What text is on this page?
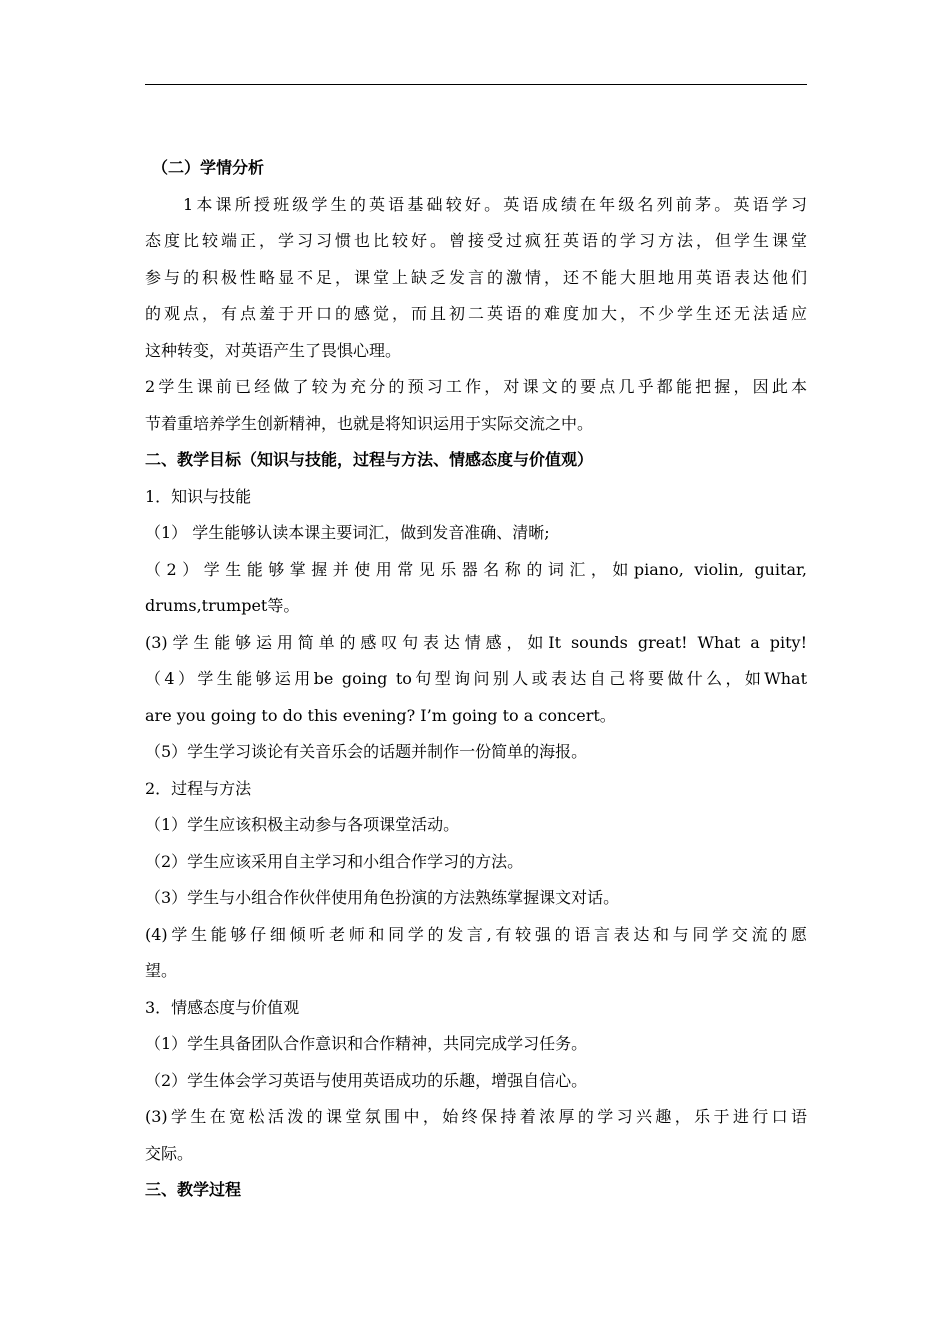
（二）学情分析
1本课所授班级学生的英语基础较好。英语成绩在年级名列前茅。英语学习
态度比较端正，学习习惯也比较好。曾接受过疯狂英语的学习方法，但学生课堂
参与的积极性略显不足，课堂上缺乏发言的激情，还不能大胆地用英语表达他们
的观点，有点羞于开口的感觉，而且初二英语的难度加大，不少学生还无法适应
这种转变，对英语产生了畏惧心理。
2学生课前已经做了较为充分的预习工作，对课文的要点几乎都能把握，因此本
节着重培养学生创新精神，也就是将知识运用于实际交流之中。
二、教学目标（知识与技能，过程与方法、情感态度与价值观）
1．知识与技能
（1） 学生能够认读本课主要词汇，做到发音准确、清晰;
（2）学生能够掌握并使用常见乐器名称的词汇，如piano, violin, guitar,
drums,trumpet等。
(3)学生能够运用简单的感叹句表达情感，如It sounds great! What a pity!
（4）学生能够运用be going to句型询问别人或表达自己将要做什么，如What
are you going to do this evening? I’m going to a concert。
（5）学生学习谈论有关音乐会的话题并制作一份简单的海报。
2．过程与方法
（1）学生应该积极主动参与各项课堂活动。
（2）学生应该采用自主学习和小组合作学习的方法。
（3）学生与小组合作伙伴使用角色扮演的方法熟练掌握课文对话。
(4)学生能够仔细倾听老师和同学的发言,有较强的语言表达和与同学交流的愿
望。
3．情感态度与价值观
（1）学生具备团队合作意识和合作精神，共同完成学习任务。
（2）学生体会学习英语与使用英语成功的乐趣，增强自信心。
(3)学生在宽松活泼的课堂氛围中，始终保持着浓厚的学习兴趣，乐于进行口语
交际。
三、教学过程
